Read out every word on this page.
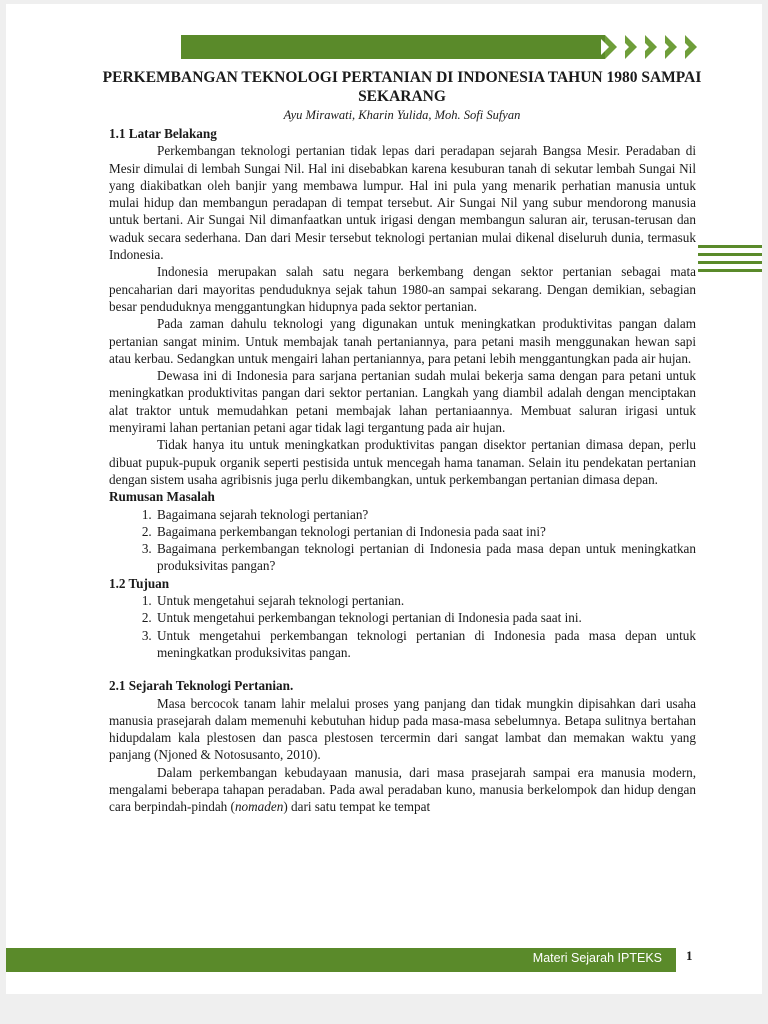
PERKEMBANGAN TEKNOLOGI PERTANIAN DI INDONESIA TAHUN 1980 SAMPAI SEKARANG
Ayu Mirawati, Kharin Yulida, Moh. Sofi Sufyan
1.1 Latar Belakang

Perkembangan teknologi pertanian tidak lepas dari peradapan sejarah Bangsa Mesir. Peradaban di Mesir dimulai di lembah Sungai Nil. Hal ini disebabkan karena kesuburan tanah di sekutar lembah Sungai Nil yang diakibatkan oleh banjir yang membawa lumpur. Hal ini pula yang menarik perhatian manusia untuk mulai hidup dan membangun peradapan di tempat tersebut. Air Sungai Nil yang subur mendorong manusia untuk bertani. Air Sungai Nil dimanfaatkan untuk irigasi dengan membangun saluran air, terusan-terusan dan waduk secara sederhana. Dan dari Mesir tersebut teknologi pertanian mulai dikenal diseluruh dunia, termasuk Indonesia.

Indonesia merupakan salah satu negara berkembang dengan sektor pertanian sebagai mata pencaharian dari mayoritas penduduknya sejak tahun 1980-an sampai sekarang. Dengan demikian, sebagian besar penduduknya menggantungkan hidupnya pada sektor pertanian.

Pada zaman dahulu teknologi yang digunakan untuk meningkatkan produktivitas pangan dalam pertanian sangat minim. Untuk membajak tanah pertaniannya, para petani masih menggunakan hewan sapi atau kerbau. Sedangkan untuk mengairi lahan pertaniannya, para petani lebih menggantungkan pada air hujan.

Dewasa ini di Indonesia para sarjana pertanian sudah mulai bekerja sama dengan para petani untuk meningkatkan produktivitas pangan dari sektor pertanian. Langkah yang diambil adalah dengan menciptakan alat traktor untuk memudahkan petani membajak lahan pertaniaannya. Membuat saluran irigasi untuk menyirami lahan pertanian petani agar tidak lagi tergantung pada air hujan.

Tidak hanya itu untuk meningkatkan produktivitas pangan disektor pertanian dimasa depan, perlu dibuat pupuk-pupuk organik seperti pestisida untuk mencegah hama tanaman. Selain itu pendekatan pertanian dengan sistem usaha agribisnis juga perlu dikembangkan, untuk perkembangan pertanian dimasa depan.

Rumusan Masalah
1. Bagaimana sejarah teknologi pertanian?
2. Bagaimana perkembangan teknologi pertanian di Indonesia pada saat ini?
3. Bagaimana perkembangan teknologi pertanian di Indonesia pada masa depan untuk meningkatkan produksivitas pangan?
1.2 Tujuan
1. Untuk mengetahui sejarah teknologi pertanian.
2. Untuk mengetahui perkembangan teknologi pertanian di Indonesia pada saat ini.
3. Untuk mengetahui perkembangan teknologi pertanian di Indonesia pada masa depan untuk meningkatkan produksivitas pangan.
2.1 Sejarah Teknologi Pertanian.

Masa bercocok tanam lahir melalui proses yang panjang dan tidak mungkin dipisahkan dari usaha manusia prasejarah dalam memenuhi kebutuhan hidup pada masa-masa sebelumnya. Betapa sulitnya bertahan hidupdalam kala plestosen dan pasca plestosen tercermin dari sangat lambat dan memakan waktu yang panjang (Njoned & Notosusanto, 2010).

Dalam perkembangan kebudayaan manusia, dari masa prasejarah sampai era manusia modern, mengalami beberapa tahapan peradaban. Pada awal peradaban kuno, manusia berkelompok dan hidup dengan cara berpindah-pindah (nomaden) dari satu tempat ke tempat

Materi Sejarah IPTEKS 1
